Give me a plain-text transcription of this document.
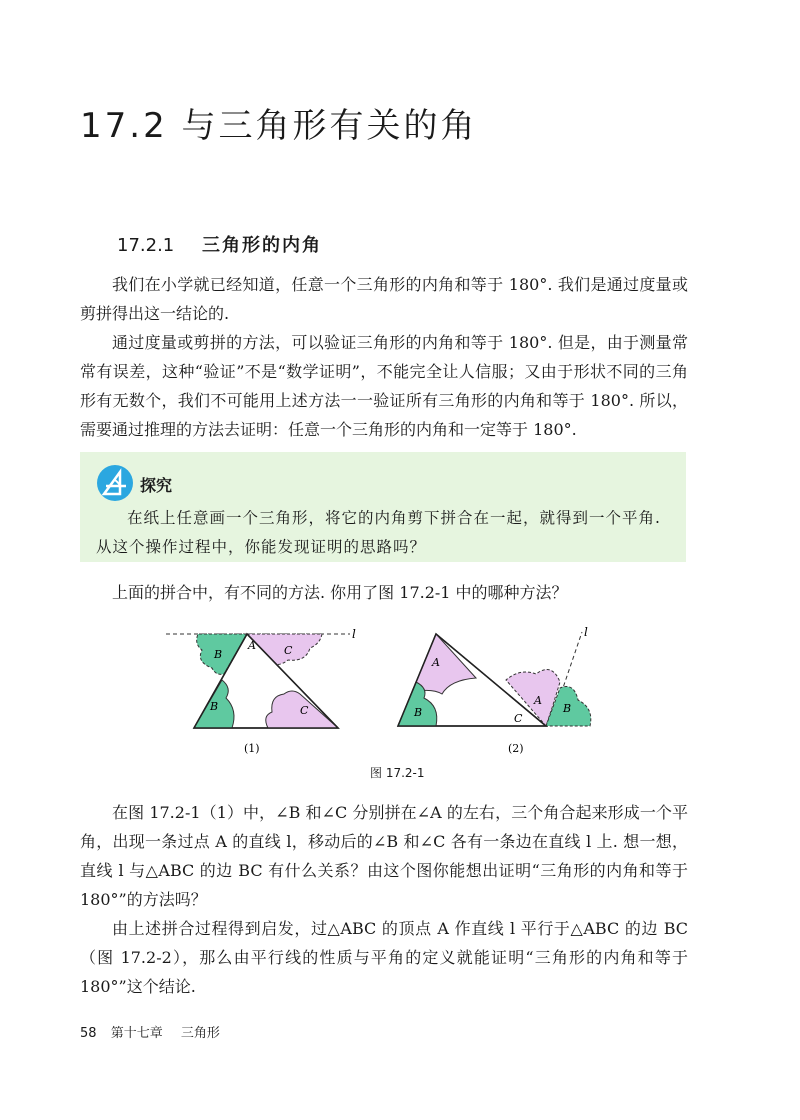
17.2 与三角形有关的角
17.2.1 三角形的内角

我们在小学就已经知道，任意一个三角形的内角和等于 180°. 我们是通过度量或剪拼得出这一结论的.

通过度量或剪拼的方法，可以验证三角形的内角和等于 180°. 但是，由于测量常常有误差，这种“验证”不是“数学证明”，不能完全让人信服；又由于形状不同的三角形有无数个，我们不可能用上述方法一一验证所有三角形的内角和等于 180°. 所以，需要通过推理的方法去证明：任意一个三角形的内角和一定等于 180°.

探究

在纸上任意画一个三角形，将它的内角剪下拼合在一起，就得到一个平角. 从这个操作过程中，你能发现证明的思路吗？

上面的拼合中，有不同的方法. 你用了图 17.2-1 中的哪种方法？

l
A
B	C
B	C
(1)
l
A
B	C
A
B
(2)
图 17.2-1

在图 17.2-1（1）中，∠B 和∠C 分别拼在∠A 的左右，三个角合起来形成一个平角，出现一条过点 A 的直线 l，移动后的∠B 和∠C 各有一条边在直线 l 上. 想一想，直线 l 与△ABC 的边 BC 有什么关系？由这个图你能想出证明“三角形的内角和等于 180°”的方法吗？

由上述拼合过程得到启发，过△ABC 的顶点 A 作直线 l 平行于△ABC 的边 BC（图 17.2-2），那么由平行线的性质与平角的定义就能证明“三角形的内角和等于 180°”这个结论.

58 第十七章 三角形
